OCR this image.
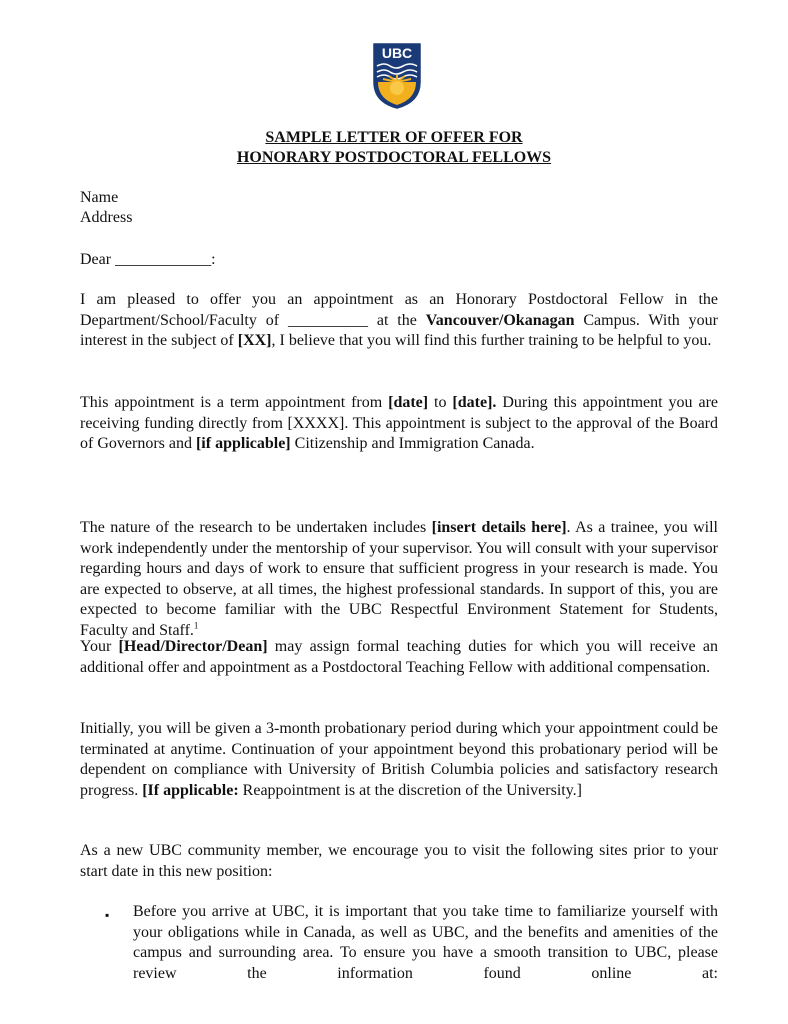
UBC
SAMPLE LETTER OF OFFER FOR
HONORARY POSTDOCTORAL FELLOWS
Name
Address
Dear ____________:

I am pleased to offer you an appointment as an Honorary Postdoctoral Fellow in the Department/School/Faculty of __________ at the Vancouver/Okanagan Campus. With your interest in the subject of [XX], I believe that you will find this further training to be helpful to you.

This appointment is a term appointment from [date] to [date]. During this appointment you are receiving funding directly from [XXXX]. This appointment is subject to the approval of the Board of Governors and [if applicable] Citizenship and Immigration Canada.

The nature of the research to be undertaken includes [insert details here]. As a trainee, you will work independently under the mentorship of your supervisor. You will consult with your supervisor regarding hours and days of work to ensure that sufficient progress in your research is made. You are expected to observe, at all times, the highest professional standards. In support of this, you are expected to become familiar with the UBC Respectful Environment Statement for Students, Faculty and Staff.$^1$

Your [Head/Director/Dean] may assign formal teaching duties for which you will receive an additional offer and appointment as a Postdoctoral Teaching Fellow with additional compensation.

Initially, you will be given a 3-month probationary period during which your appointment could be terminated at anytime. Continuation of your appointment beyond this probationary period will be dependent on compliance with University of British Columbia policies and satisfactory research progress. [If applicable: Reappointment is at the discretion of the University.]

As a new UBC community member, we encourage you to visit the following sites prior to your start date in this new position:

▪ Before you arrive at UBC, it is important that you take time to familiarize yourself with your obligations while in Canada, as well as UBC, and the benefits and amenities of the campus and surrounding area. To ensure you have a smooth transition to UBC, please review the information found online at:
